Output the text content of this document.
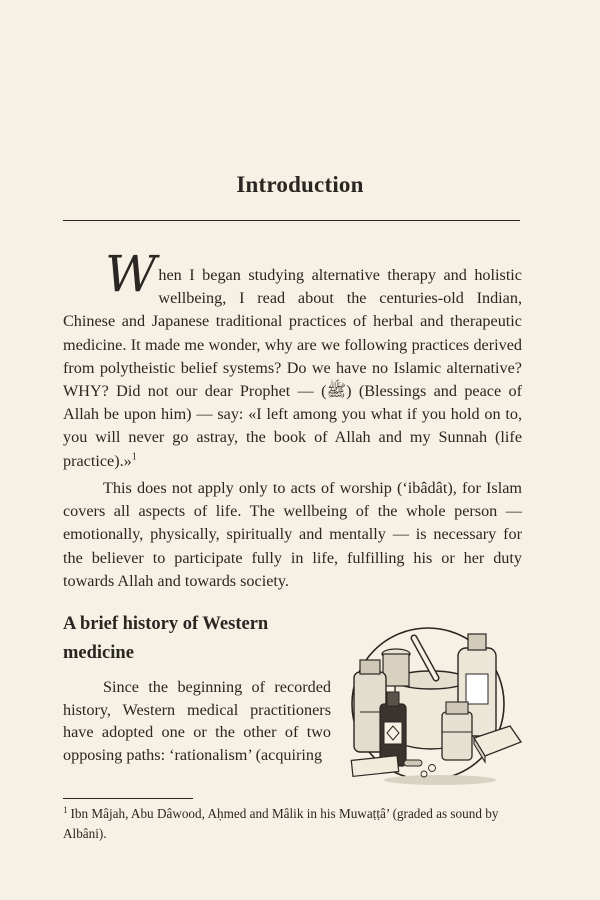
Introduction

When I began studying alternative therapy and holistic wellbeing, I read about the centuries-old Indian, Chinese and Japanese traditional practices of herbal and therapeutic medicine. It made me wonder, why are we following practices derived from polytheistic belief systems? Do we have no Islamic alternative? WHY? Did not our dear Prophet — (ﷺ) (Blessings and peace of Allah be upon him) — say: «I left among you what if you hold on to, you will never go astray, the book of Allah and my Sunnah (life practice).»$^1$

This does not apply only to acts of worship (‘ibâdât), for Islam covers all aspects of life. The wellbeing of the whole person — emotionally, physically, spiritually and mentally — is necessary for the believer to participate fully in life, fulfilling his or her duty towards Allah and towards society.

A brief history of Western medicine

Since the beginning of recorded history, Western medical practitioners have adopted one or the other of two opposing paths: ‘rationalism’ (acquiring

$^1$ Ibn Mâjah, Abu Dâwood, Aḥmed and Mâlik in his Muwaṭṭâ’ (graded as sound by Albâni).
